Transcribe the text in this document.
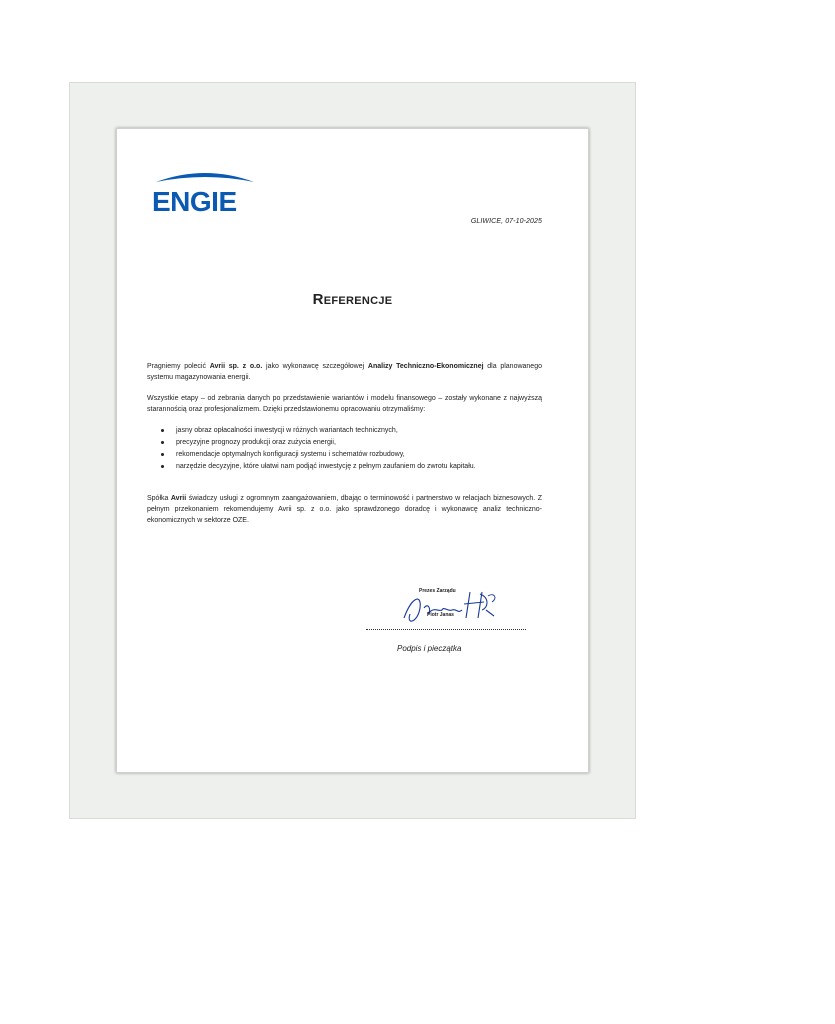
ENGIE
GLIWICE, 07-10-2025
Referencje

Pragniemy polecić Avrii sp. z o.o. jako wykonawcę szczegółowej Analizy Techniczno-Ekonomicznej dla planowanego systemu magazynowania energii.

Wszystkie etapy – od zebrania danych po przedstawienie wariantów i modelu finansowego – zostały wykonane z najwyższą starannością oraz profesjonalizmem. Dzięki przedstawionemu opracowaniu otrzymaliśmy:

jasny obraz opłacalności inwestycji w różnych wariantach technicznych,
precyzyjne prognozy produkcji oraz zużycia energii,
rekomendacje optymalnych konfiguracji systemu i schematów rozbudowy,
narzędzie decyzyjne, które ułatwi nam podjąć inwestycję z pełnym zaufaniem do zwrotu kapitału.

Spółka Avrii świadczy usługi z ogromnym zaangażowaniem, dbając o terminowość i partnerstwo w relacjach biznesowych. Z pełnym przekonaniem rekomendujemy Avrii sp. z o.o. jako sprawdzonego doradcę i wykonawcę analiz techniczno-ekonomicznych w sektorze OZE.

Prezes Zarządu
Piotr Janas
Podpis i pieczątka
